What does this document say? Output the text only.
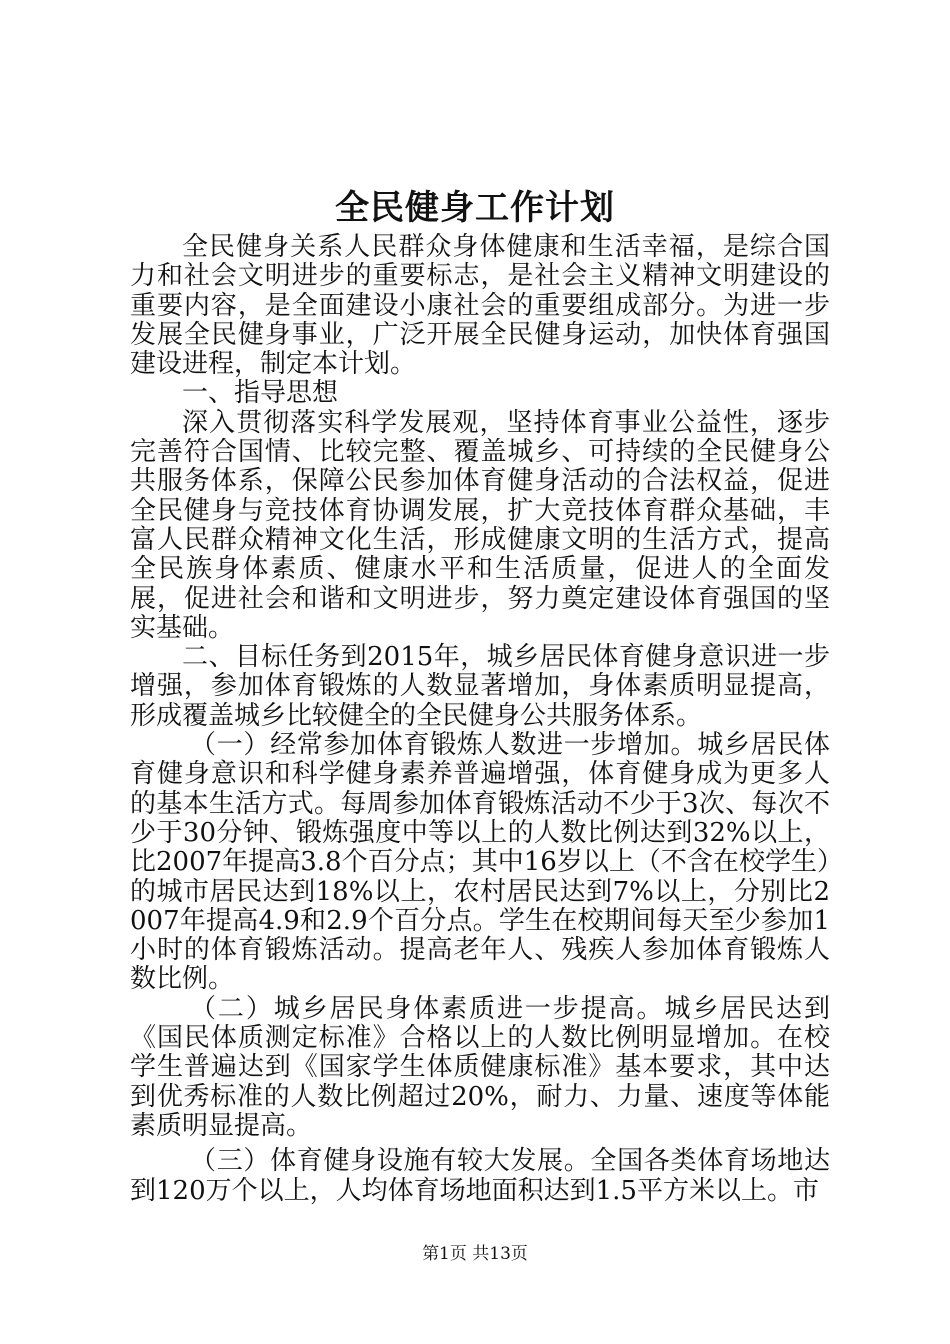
全民健身工作计划

全民健身关系人民群众身体健康和生活幸福，是综合国力和社会文明进步的重要标志，是社会主义精神文明建设的重要内容，是全面建设小康社会的重要组成部分。为进一步发展全民健身事业，广泛开展全民健身运动，加快体育强国建设进程，制定本计划。

一、指导思想

深入贯彻落实科学发展观，坚持体育事业公益性，逐步完善符合国情、比较完整、覆盖城乡、可持续的全民健身公共服务体系，保障公民参加体育健身活动的合法权益，促进全民健身与竞技体育协调发展，扩大竞技体育群众基础，丰富人民群众精神文化生活，形成健康文明的生活方式，提高全民族身体素质、健康水平和生活质量，促进人的全面发展，促进社会和谐和文明进步，努力奠定建设体育强国的坚实基础。

二、目标任务到2015年，城乡居民体育健身意识进一步增强，参加体育锻炼的人数显著增加，身体素质明显提高，形成覆盖城乡比较健全的全民健身公共服务体系。

（一）经常参加体育锻炼人数进一步增加。城乡居民体育健身意识和科学健身素养普遍增强，体育健身成为更多人的基本生活方式。每周参加体育锻炼活动不少于3次、每次不少于30分钟、锻炼强度中等以上的人数比例达到32%以上，比2007年提高3.8个百分点；其中16岁以上（不含在校学生）的城市居民达到18%以上，农村居民达到7%以上，分别比2007年提高4.9和2.9个百分点。学生在校期间每天至少参加1小时的体育锻炼活动。提高老年人、残疾人参加体育锻炼人数比例。

（二）城乡居民身体素质进一步提高。城乡居民达到《国民体质测定标准》合格以上的人数比例明显增加。在校学生普遍达到《国家学生体质健康标准》基本要求，其中达到优秀标准的人数比例超过20%，耐力、力量、速度等体能素质明显提高。

（三）体育健身设施有较大发展。全国各类体育场地达到120万个以上，人均体育场地面积达到1.5平方米以上。市

第1页 共13页
